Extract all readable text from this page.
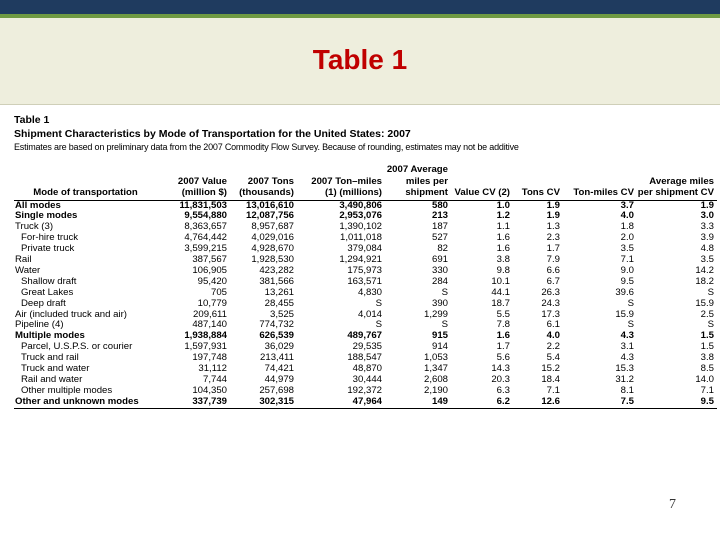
Table 1
Table 1
Shipment Characteristics by Mode of Transportation for the United States: 2007
Estimates are based on preliminary data from the 2007 Commodity Flow Survey. Because of rounding, estimates may not be additive
Mode of transportation	2007 Value (million $)	2007 Tons (thousands)	2007 Ton–miles (1) (millions)	2007 Average miles per shipment	Value CV (2)	Tons CV	Ton-miles CV	Average miles per shipment CV
All modes	11,831,503	13,016,610	3,490,806	580	1.0	1.9	3.7	1.9
Single modes	9,554,880	12,087,756	2,953,076	213	1.2	1.9	4.0	3.0
Truck (3)	8,363,657	8,957,687	1,390,102	187	1.1	1.3	1.8	3.3
For-hire truck	4,764,442	4,029,016	1,011,018	527	1.6	2.3	2.0	3.9
Private truck	3,599,215	4,928,670	379,084	82	1.6	1.7	3.5	4.8
Rail	387,567	1,928,530	1,294,921	691	3.8	7.9	7.1	3.5
Water	106,905	423,282	175,973	330	9.8	6.6	9.0	14.2
Shallow draft	95,420	381,566	163,571	284	10.1	6.7	9.5	18.2
Great Lakes	705	13,261	4,830	S	44.1	26.3	39.6	S
Deep draft	10,779	28,455	S	390	18.7	24.3	S	15.9
Air (included truck and air)	209,611	3,525	4,014	1,299	5.5	17.3	15.9	2.5
Pipeline (4)	487,140	774,732	S	S	7.8	6.1	S	S
Multiple modes	1,938,884	626,539	489,767	915	1.6	4.0	4.3	1.5
Parcel, U.S.P.S. or courier	1,597,931	36,029	29,535	914	1.7	2.2	3.1	1.5
Truck and rail	197,748	213,411	188,547	1,053	5.6	5.4	4.3	3.8
Truck and water	31,112	74,421	48,870	1,347	14.3	15.2	15.3	8.5
Rail and water	7,744	44,979	30,444	2,608	20.3	18.4	31.2	14.0
Other multiple modes	104,350	257,698	192,372	2,190	6.3	7.1	8.1	7.1
Other and unknown modes	337,739	302,315	47,964	149	6.2	12.6	7.5	9.5
7
